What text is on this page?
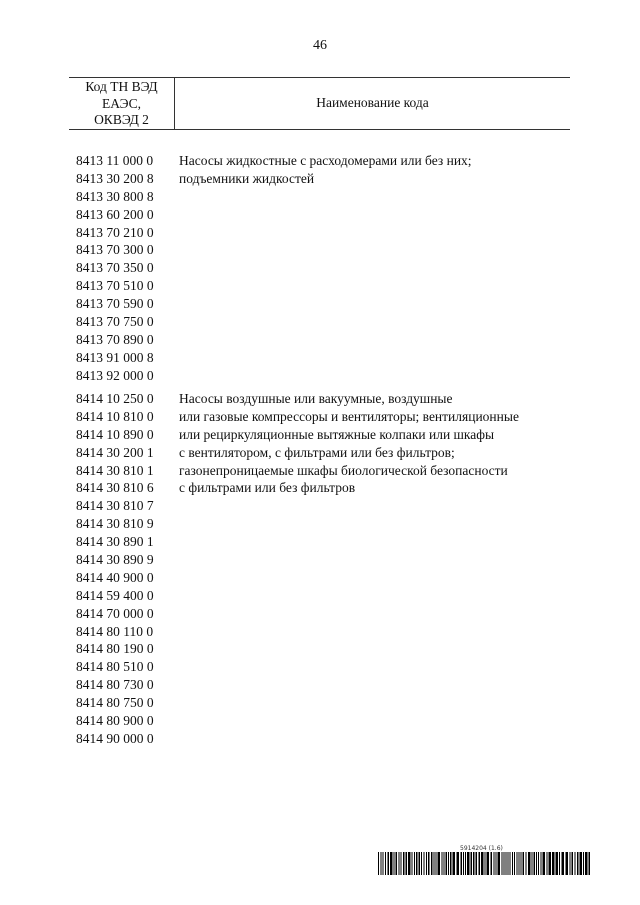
46
Код ТН ВЭД
ЕАЭС,
ОКВЭД 2
Наименование кода
8413 11 000 0
8413 30 200 8
8413 30 800 8
8413 60 200 0
8413 70 210 0
8413 70 300 0
8413 70 350 0
8413 70 510 0
8413 70 590 0
8413 70 750 0
8413 70 890 0
8413 91 000 8
8413 92 000 0
Насосы жидкостные с расходомерами или без них;
подъемники жидкостей
8414 10 250 0
8414 10 810 0
8414 10 890 0
8414 30 200 1
8414 30 810 1
8414 30 810 6
8414 30 810 7
8414 30 810 9
8414 30 890 1
8414 30 890 9
8414 40 900 0
8414 59 400 0
8414 70 000 0
8414 80 110 0
8414 80 190 0
8414 80 510 0
8414 80 730 0
8414 80 750 0
8414 80 900 0
8414 90 000 0
Насосы воздушные или вакуумные, воздушные
или газовые компрессоры и вентиляторы; вентиляционные
или рециркуляционные вытяжные колпаки или шкафы
с вентилятором, с фильтрами или без фильтров;
газонепроницаемые шкафы биологической безопасности
с фильтрами или без фильтров
5914204 (1.6)
